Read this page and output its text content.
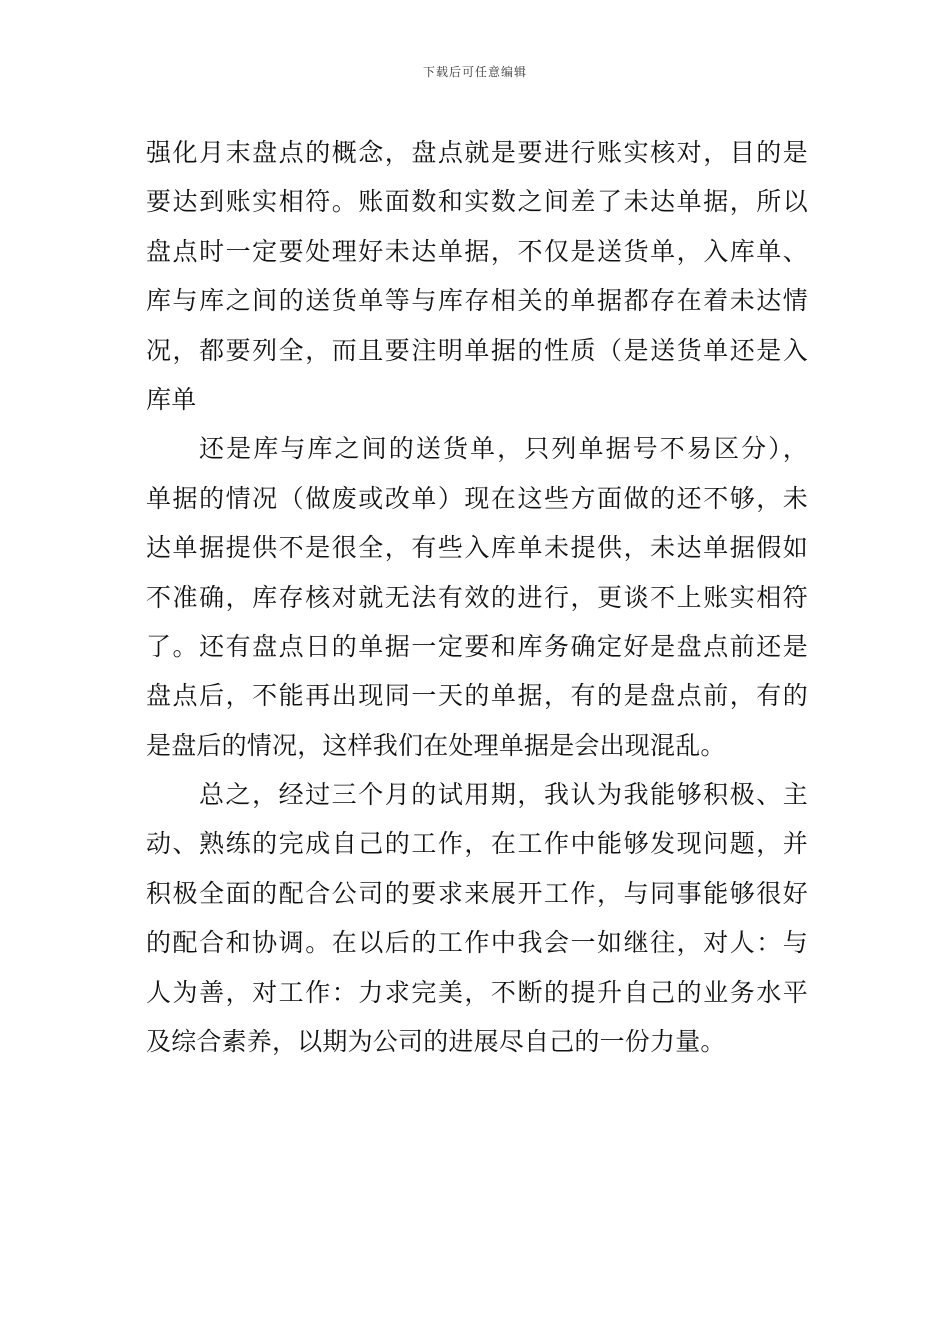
下载后可任意编辑
强化月末盘点的概念，盘点就是要进行账实核对，目的是
要达到账实相符。账面数和实数之间差了未达单据，所以
盘点时一定要处理好未达单据，不仅是送货单，入库单、
库与库之间的送货单等与库存相关的单据都存在着未达情
况，都要列全，而且要注明单据的性质（是送货单还是入
库单
还是库与库之间的送货单，只列单据号不易区分），
单据的情况（做废或改单）现在这些方面做的还不够，未
达单据提供不是很全，有些入库单未提供，未达单据假如
不准确，库存核对就无法有效的进行，更谈不上账实相符
了。还有盘点日的单据一定要和库务确定好是盘点前还是
盘点后，不能再出现同一天的单据，有的是盘点前，有的
是盘后的情况，这样我们在处理单据是会出现混乱。
总之，经过三个月的试用期，我认为我能够积极、主
动、熟练的完成自己的工作，在工作中能够发现问题，并
积极全面的配合公司的要求来展开工作，与同事能够很好
的配合和协调。在以后的工作中我会一如继往，对人：与
人为善，对工作：力求完美，不断的提升自己的业务水平
及综合素养，以期为公司的进展尽自己的一份力量。
